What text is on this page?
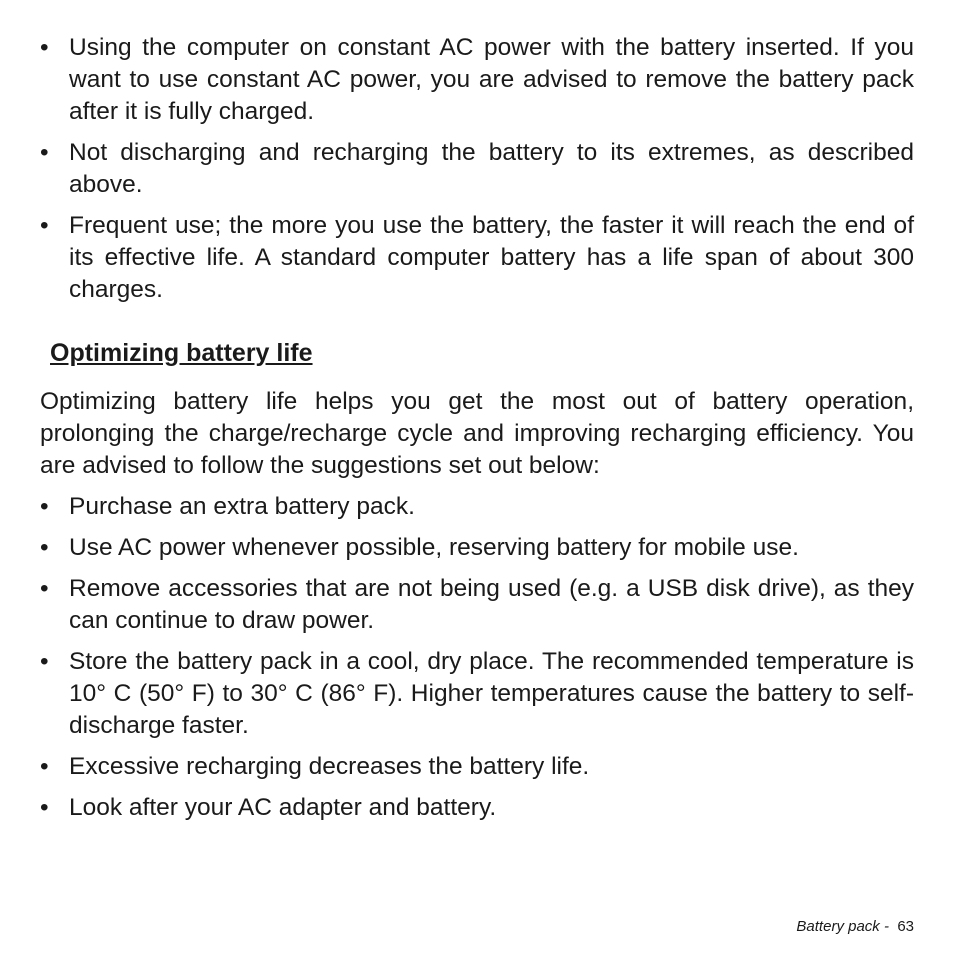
• Using the computer on constant AC power with the battery inserted. If you want to use constant AC power, you are advised to remove the battery pack after it is fully charged.
• Not discharging and recharging the battery to its extremes, as described above.
• Frequent use; the more you use the battery, the faster it will reach the end of its effective life. A standard computer battery has a life span of about 300 charges.
Optimizing battery life

Optimizing battery life helps you get the most out of battery operation, prolonging the charge/recharge cycle and improving recharging efficiency. You are advised to follow the suggestions set out below:

• Purchase an extra battery pack.
• Use AC power whenever possible, reserving battery for mobile use.
• Remove accessories that are not being used (e.g. a USB disk drive), as they can continue to draw power.
• Store the battery pack in a cool, dry place. The recommended temperature is 10° C (50° F) to 30° C (86° F). Higher temperatures cause the battery to self-discharge faster.
• Excessive recharging decreases the battery life.
• Look after your AC adapter and battery.
Battery pack - 63
